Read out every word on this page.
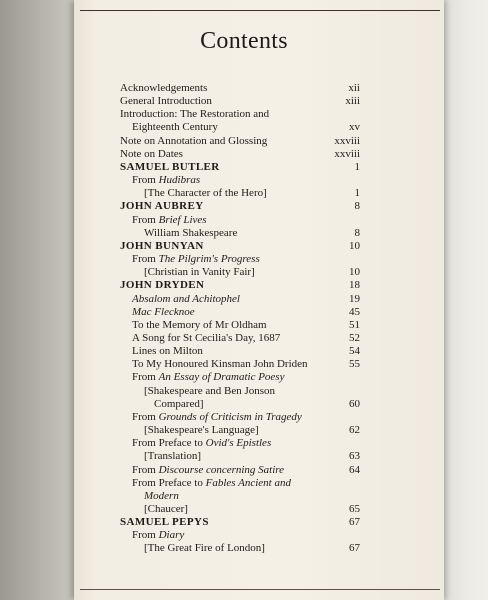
Contents
Acknowledgements	xii
General Introduction	xiii
Introduction: The Restoration and
Eighteenth Century	xv
Note on Annotation and Glossing	xxviii
Note on Dates	xxviii
SAMUEL BUTLER	1
From Hudibras
[The Character of the Hero]	1
JOHN AUBREY	8
From Brief Lives
William Shakespeare	8
JOHN BUNYAN	10
From The Pilgrim's Progress
[Christian in Vanity Fair]	10
JOHN DRYDEN	18
Absalom and Achitophel	19
Mac Flecknoe	45
To the Memory of Mr Oldham	51
A Song for St Cecilia's Day, 1687	52
Lines on Milton	54
To My Honoured Kinsman John Driden	55
From An Essay of Dramatic Poesy
[Shakespeare and Ben Jonson
Compared]	60
From Grounds of Criticism in Tragedy
[Shakespeare's Language]	62
From Preface to Ovid's Epistles
[Translation]	63
From Discourse concerning Satire	64
From Preface to Fables Ancient and
Modern
[Chaucer]	65
SAMUEL PEPYS	67
From Diary
[The Great Fire of London]	67
